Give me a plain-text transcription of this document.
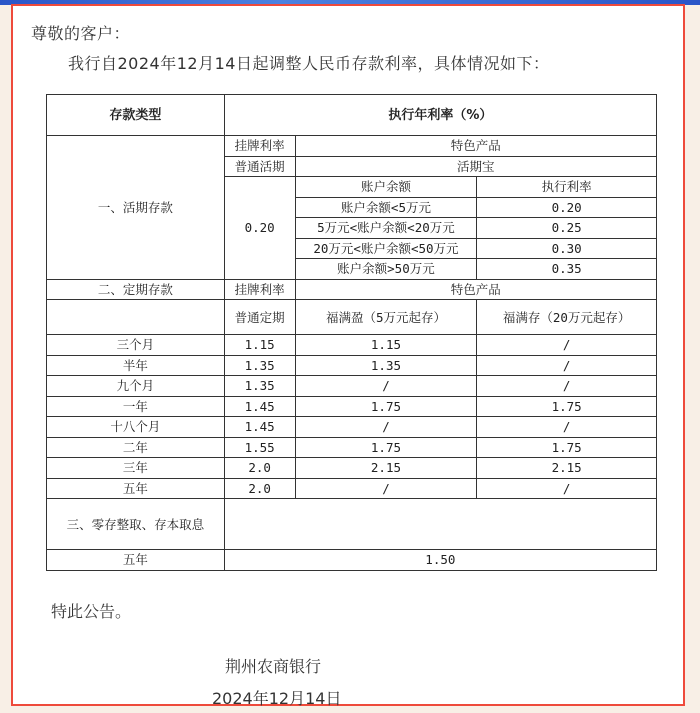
尊敬的客户：
我行自2024年12月14日起调整人民币存款利率，具体情况如下：
存款类型	执行年利率（%）		
一、活期存款	挂牌利率	特色产品	
	普通活期	活期宝	
	0.20	账户余额	执行利率
		账户余额<5万元	0.20
		5万元<账户余额<20万元	0.25
		20万元<账户余额<50万元	0.30
		账户余额>50万元	0.35
二、定期存款	挂牌利率	特色产品	
	普通定期	福满盈（5万元起存）	福满存（20万元起存）
三个月	1.15	1.15	/
半年	1.35	1.35	/
九个月	1.35	/	/
一年	1.45	1.75	1.75
十八个月	1.45	/	/
二年	1.55	1.75	1.75
三年	2.0	2.15	2.15
五年	2.0	/	/
三、零存整取、存本取息			
五年	1.50		
特此公告。
荆州农商银行
2024年12月14日
